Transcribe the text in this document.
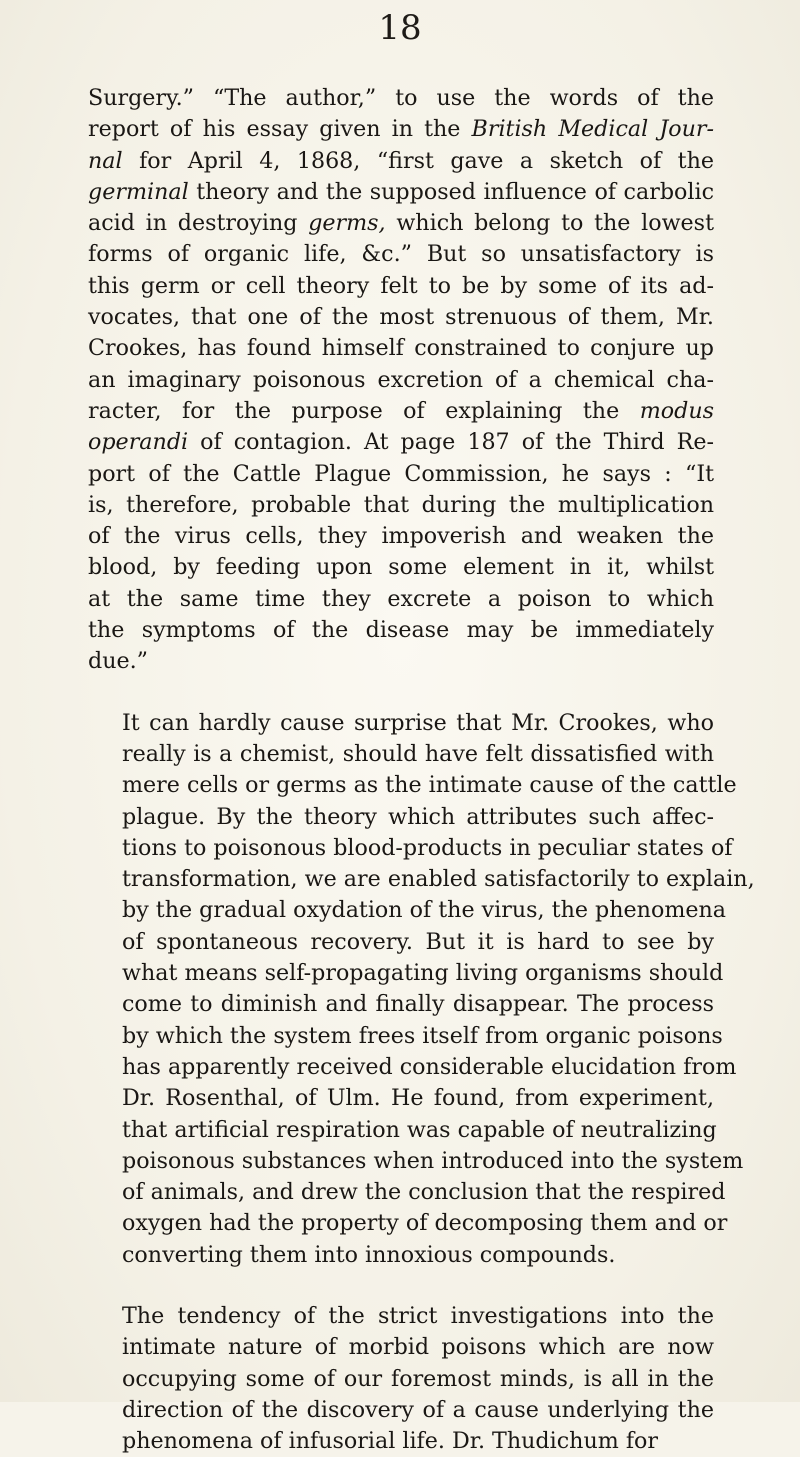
18
Surgery.” “The author,” to use the words of the
report of his essay given in the British Medical Jour-
nal for April 4, 1868, “first gave a sketch of the
germinal theory and the supposed influence of carbolic
acid in destroying germs, which belong to the lowest
forms of organic life, &c.” But so unsatisfactory is
this germ or cell theory felt to be by some of its ad-
vocates, that one of the most strenuous of them, Mr.
Crookes, has found himself constrained to conjure up
an imaginary poisonous excretion of a chemical cha-
racter, for the purpose of explaining the modus
operandi of contagion. At page 187 of the Third Re-
port of the Cattle Plague Commission, he says : “It
is, therefore, probable that during the multiplication
of the virus cells, they impoverish and weaken the
blood, by feeding upon some element in it, whilst
at the same time they excrete a poison to which
the symptoms of the disease may be immediately
due.”
It can hardly cause surprise that Mr. Crookes, who
really is a chemist, should have felt dissatisfied with
mere cells or germs as the intimate cause of the cattle
plague. By the theory which attributes such affec-
tions to poisonous blood-products in peculiar states of
transformation, we are enabled satisfactorily to explain,
by the gradual oxydation of the virus, the phenomena
of spontaneous recovery. But it is hard to see by
what means self-propagating living organisms should
come to diminish and finally disappear. The process
by which the system frees itself from organic poisons
has apparently received considerable elucidation from
Dr. Rosenthal, of Ulm. He found, from experiment,
that artificial respiration was capable of neutralizing
poisonous substances when introduced into the system
of animals, and drew the conclusion that the respired
oxygen had the property of decomposing them and or
converting them into innoxious compounds.
The tendency of the strict investigations into the
intimate nature of morbid poisons which are now
occupying some of our foremost minds, is all in the
direction of the discovery of a cause underlying the
phenomena of infusorial life. Dr. Thudichum for
